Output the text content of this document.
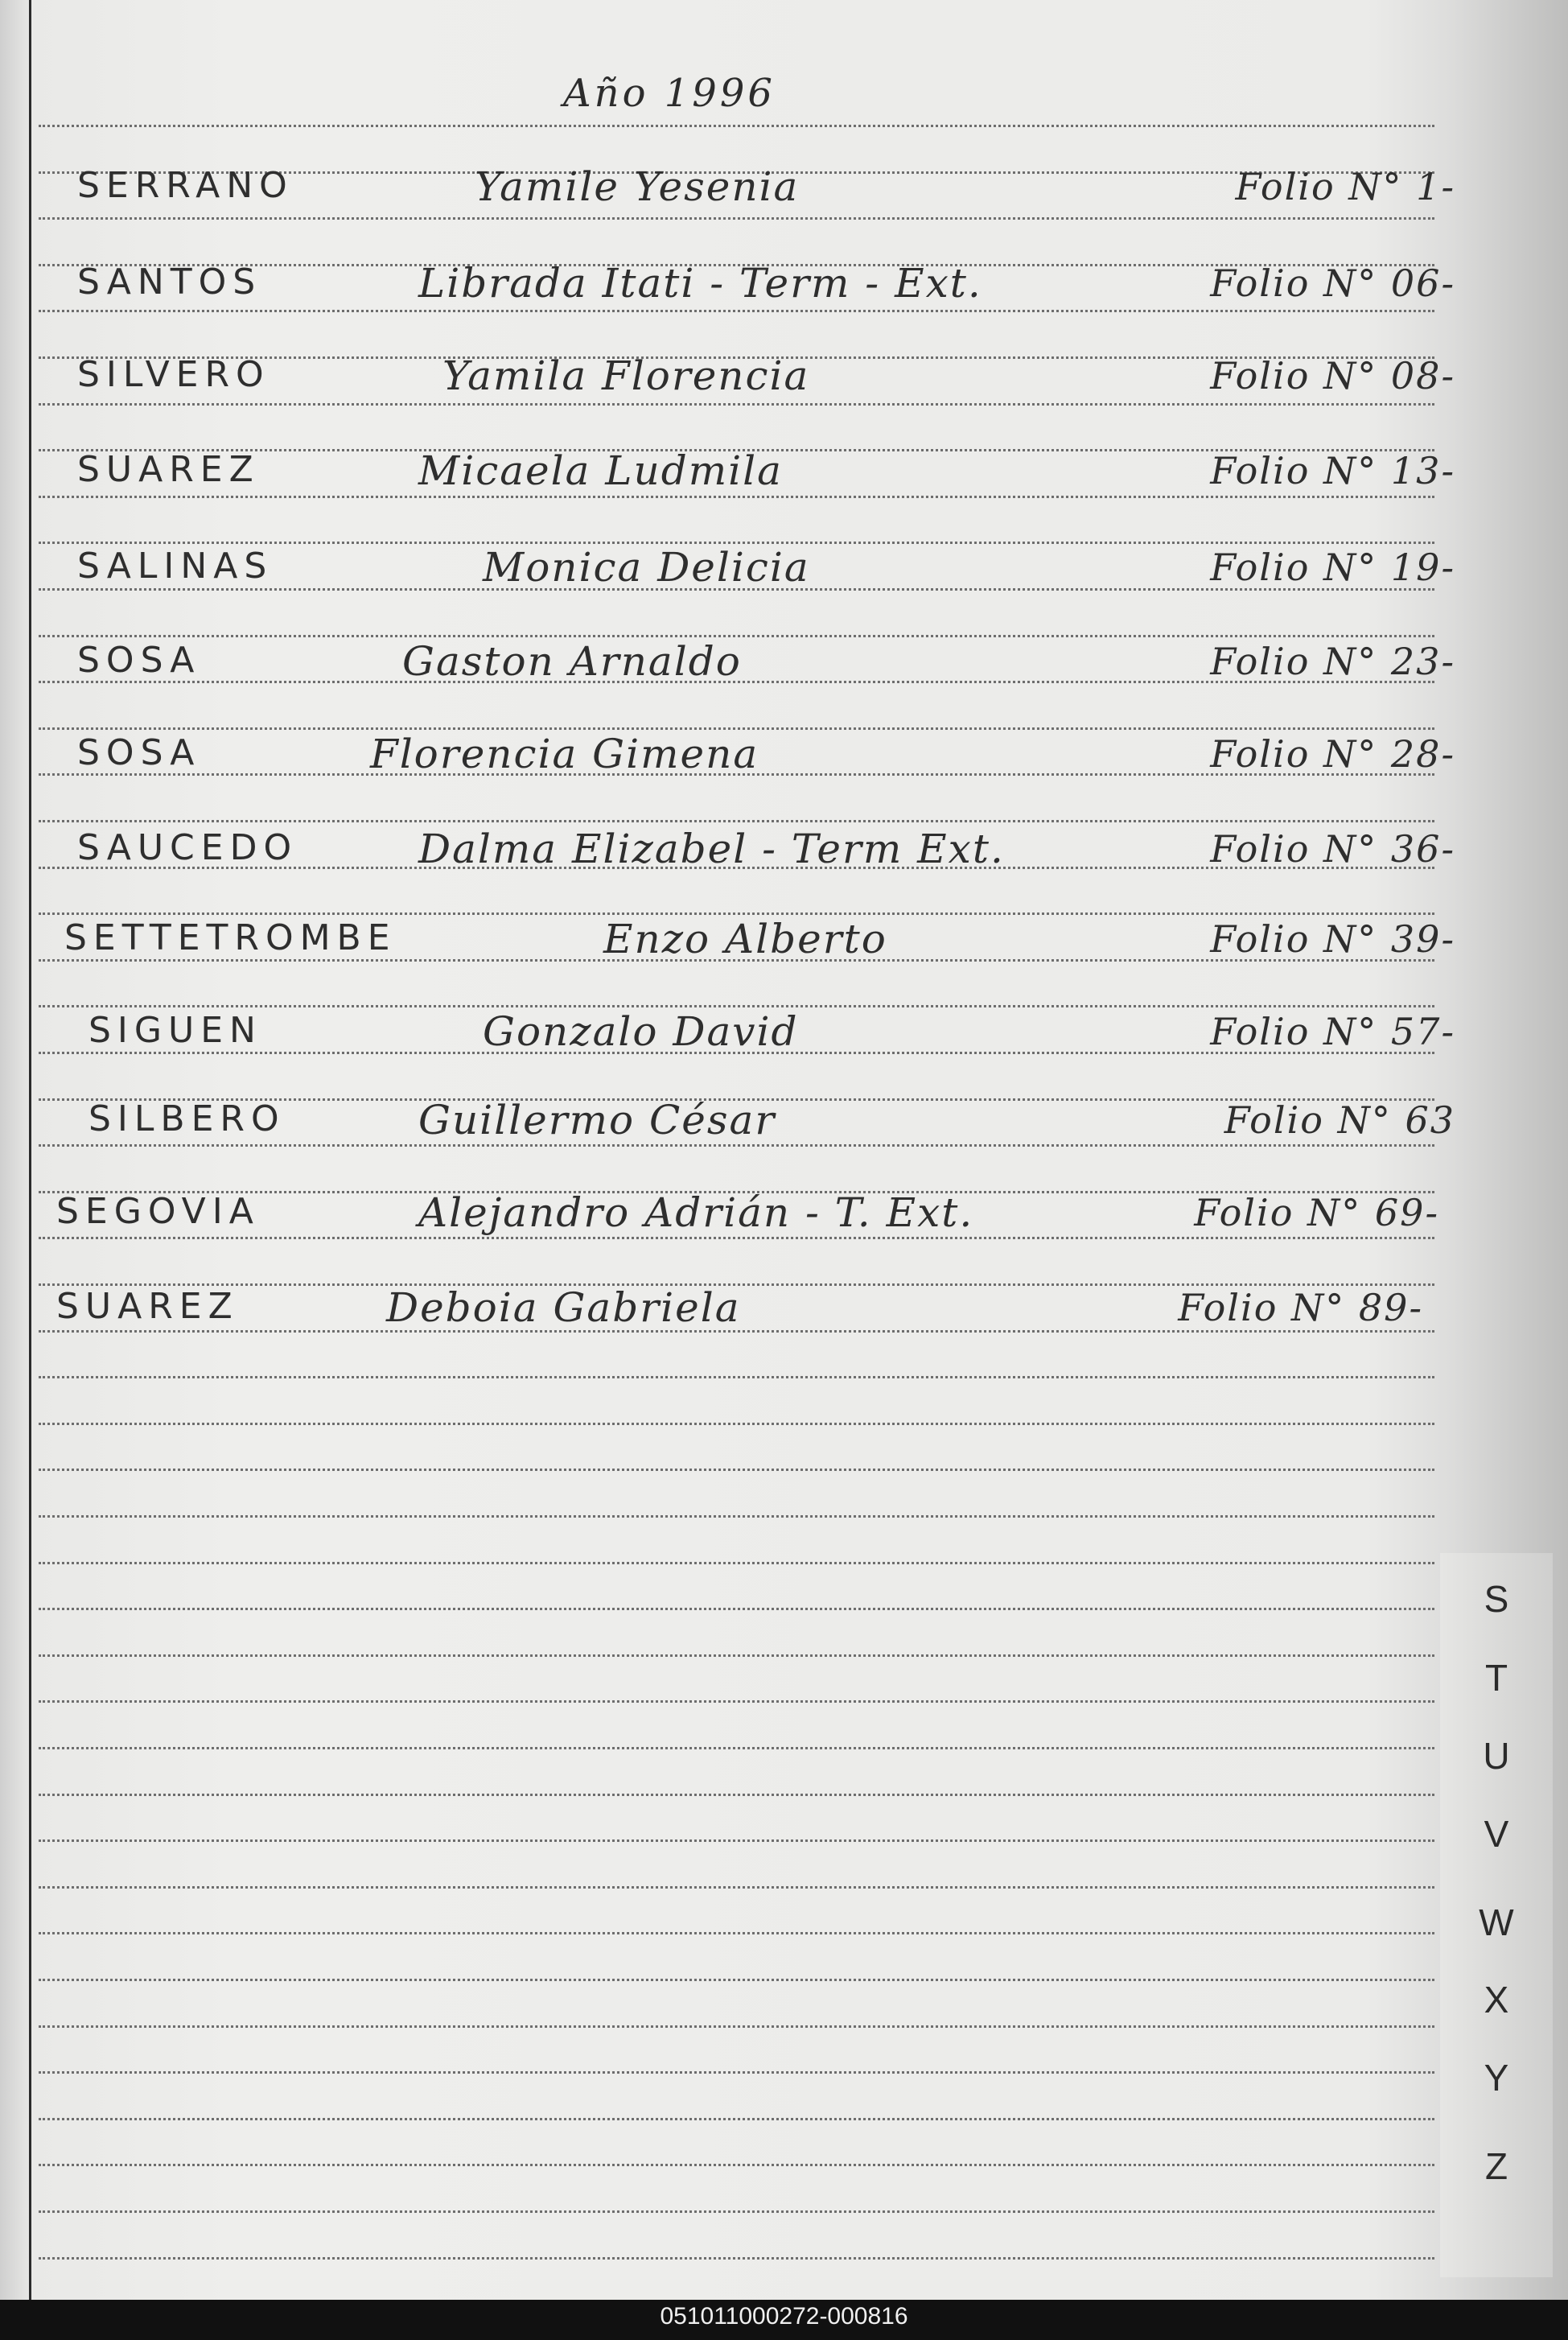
Año 1996
SERRANO	Yamile Yesenia	Folio N° 1-
SANTOS	Librada Itati - Term - Ext.	Folio N° 06-
SILVERO	Yamila Florencia	Folio N° 08-
SUAREZ	Micaela Ludmila	Folio N° 13-
SALINAS	Monica Delicia	Folio N° 19-
SOSA	Gaston Arnaldo	Folio N° 23-
SOSA	Florencia Gimena	Folio N° 28-
SAUCEDO	Dalma Elizabel - Term Ext.	Folio N° 36-
SETTETROMBE	Enzo Alberto	Folio N° 39-
SIGUEN	Gonzalo David	Folio N° 57-
SILBERO	Guillermo César	Folio N° 63
SEGOVIA	Alejandro Adrián - T. Ext.	Folio N° 69-
SUAREZ	Deboia Gabriela	Folio N° 89-
S
T
U
V
W
X
Y
Z
051011000272-000816
